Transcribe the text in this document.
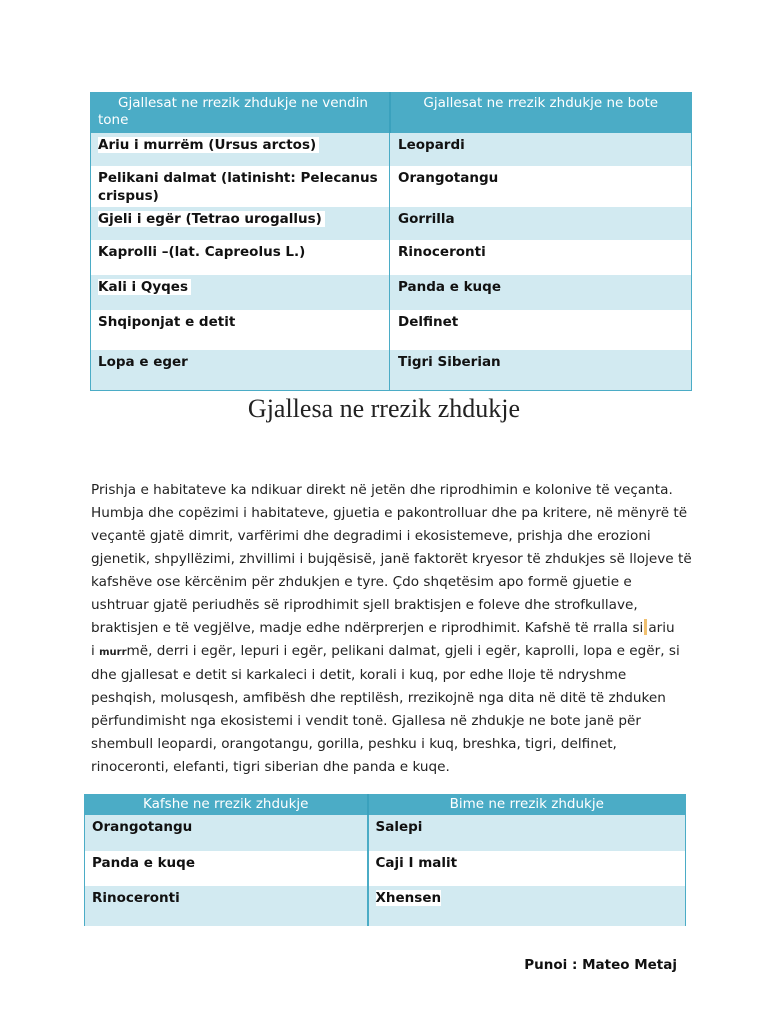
Gjallesat ne rrezik zhdukje ne vendin tone	Gjallesat ne rrezik zhdukje ne bote
Ariu i murrëm (Ursus arctos)	Leopardi
Pelikani dalmat (latinisht: Pelecanus crispus)	Orangotangu
Gjeli i egër (Tetrao urogallus)	Gorrilla
Kaprolli –(lat. Capreolus L.)	Rinoceronti
Kali i Qyqes	Panda e kuqe
Shqiponjat e detit	Delfinet
Lopa e eger	Tigri Siberian
Gjallesa ne rrezik zhdukje
Prishja e habitateve ka ndikuar direkt në jetën dhe riprodhimin e kolonive të veçanta.
Humbja dhe copëzimi i habitateve, gjuetia e pakontrolluar dhe pa kritere, në mënyrë të
veçantë gjatë dimrit, varfërimi dhe degradimi i ekosistemeve, prishja dhe erozioni
gjenetik, shpyllëzimi, zhvillimi i bujqësisë, janë faktorët kryesor të zhdukjes së llojeve të
kafshëve ose kërcënim për zhdukjen e tyre. Çdo shqetësim apo formë gjuetie e
ushtruar gjatë periudhës së riprodhimit sjell braktisjen e foleve dhe strofkullave,
braktisjen e të vegjëlve, madje edhe ndërprerjen e riprodhimit. Kafshë të rralla si ariu
i murrmë, derri i egër, lepuri i egër, pelikani dalmat, gjeli i egër, kaprolli, lopa e egër, si
dhe gjallesat e detit si karkaleci i detit, korali i kuq, por edhe lloje të ndryshme
peshqish, molusqesh, amfibësh dhe reptilësh, rrezikojnë nga dita në ditë të zhduken
përfundimisht nga ekosistemi i vendit tonë. Gjallesa në zhdukje ne bote janë për
shembull leopardi, orangotangu, gorilla, peshku i kuq, breshka, tigri, delfinet,
rinoceronti, elefanti, tigri siberian dhe panda e kuqe.
Kafshe ne rrezik zhdukje	Bime ne rrezik zhdukje
Orangotangu	Salepi
Panda e kuqe	Caji I malit
Rinoceronti	Xhensen
Punoi : Mateo Metaj
